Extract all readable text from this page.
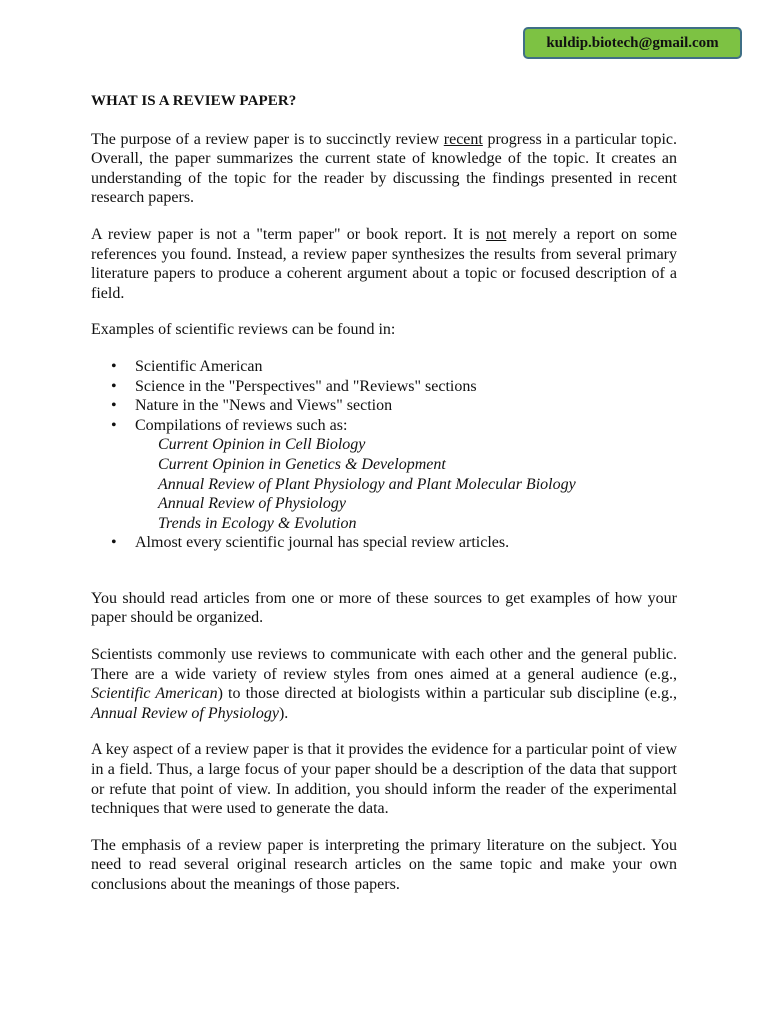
kuldip.biotech@gmail.com
WHAT IS A REVIEW PAPER?

The purpose of a review paper is to succinctly review recent progress in a particular topic. Overall, the paper summarizes the current state of knowledge of the topic. It creates an understanding of the topic for the reader by discussing the findings presented in recent research papers.

A review paper is not a "term paper" or book report. It is not merely a report on some references you found. Instead, a review paper synthesizes the results from several primary literature papers to produce a coherent argument about a topic or focused description of a field.

Examples of scientific reviews can be found in:
• Scientific American
• Science in the "Perspectives" and "Reviews" sections
• Nature in the "News and Views" section
• Compilations of reviews such as:
Current Opinion in Cell Biology
Current Opinion in Genetics & Development
Annual Review of Plant Physiology and Plant Molecular Biology
Annual Review of Physiology
Trends in Ecology & Evolution
• Almost every scientific journal has special review articles.

You should read articles from one or more of these sources to get examples of how your paper should be organized.

Scientists commonly use reviews to communicate with each other and the general public. There are a wide variety of review styles from ones aimed at a general audience (e.g., Scientific American) to those directed at biologists within a particular sub discipline (e.g., Annual Review of Physiology).

A key aspect of a review paper is that it provides the evidence for a particular point of view in a field. Thus, a large focus of your paper should be a description of the data that support or refute that point of view. In addition, you should inform the reader of the experimental techniques that were used to generate the data.

The emphasis of a review paper is interpreting the primary literature on the subject. You need to read several original research articles on the same topic and make your own conclusions about the meanings of those papers.
